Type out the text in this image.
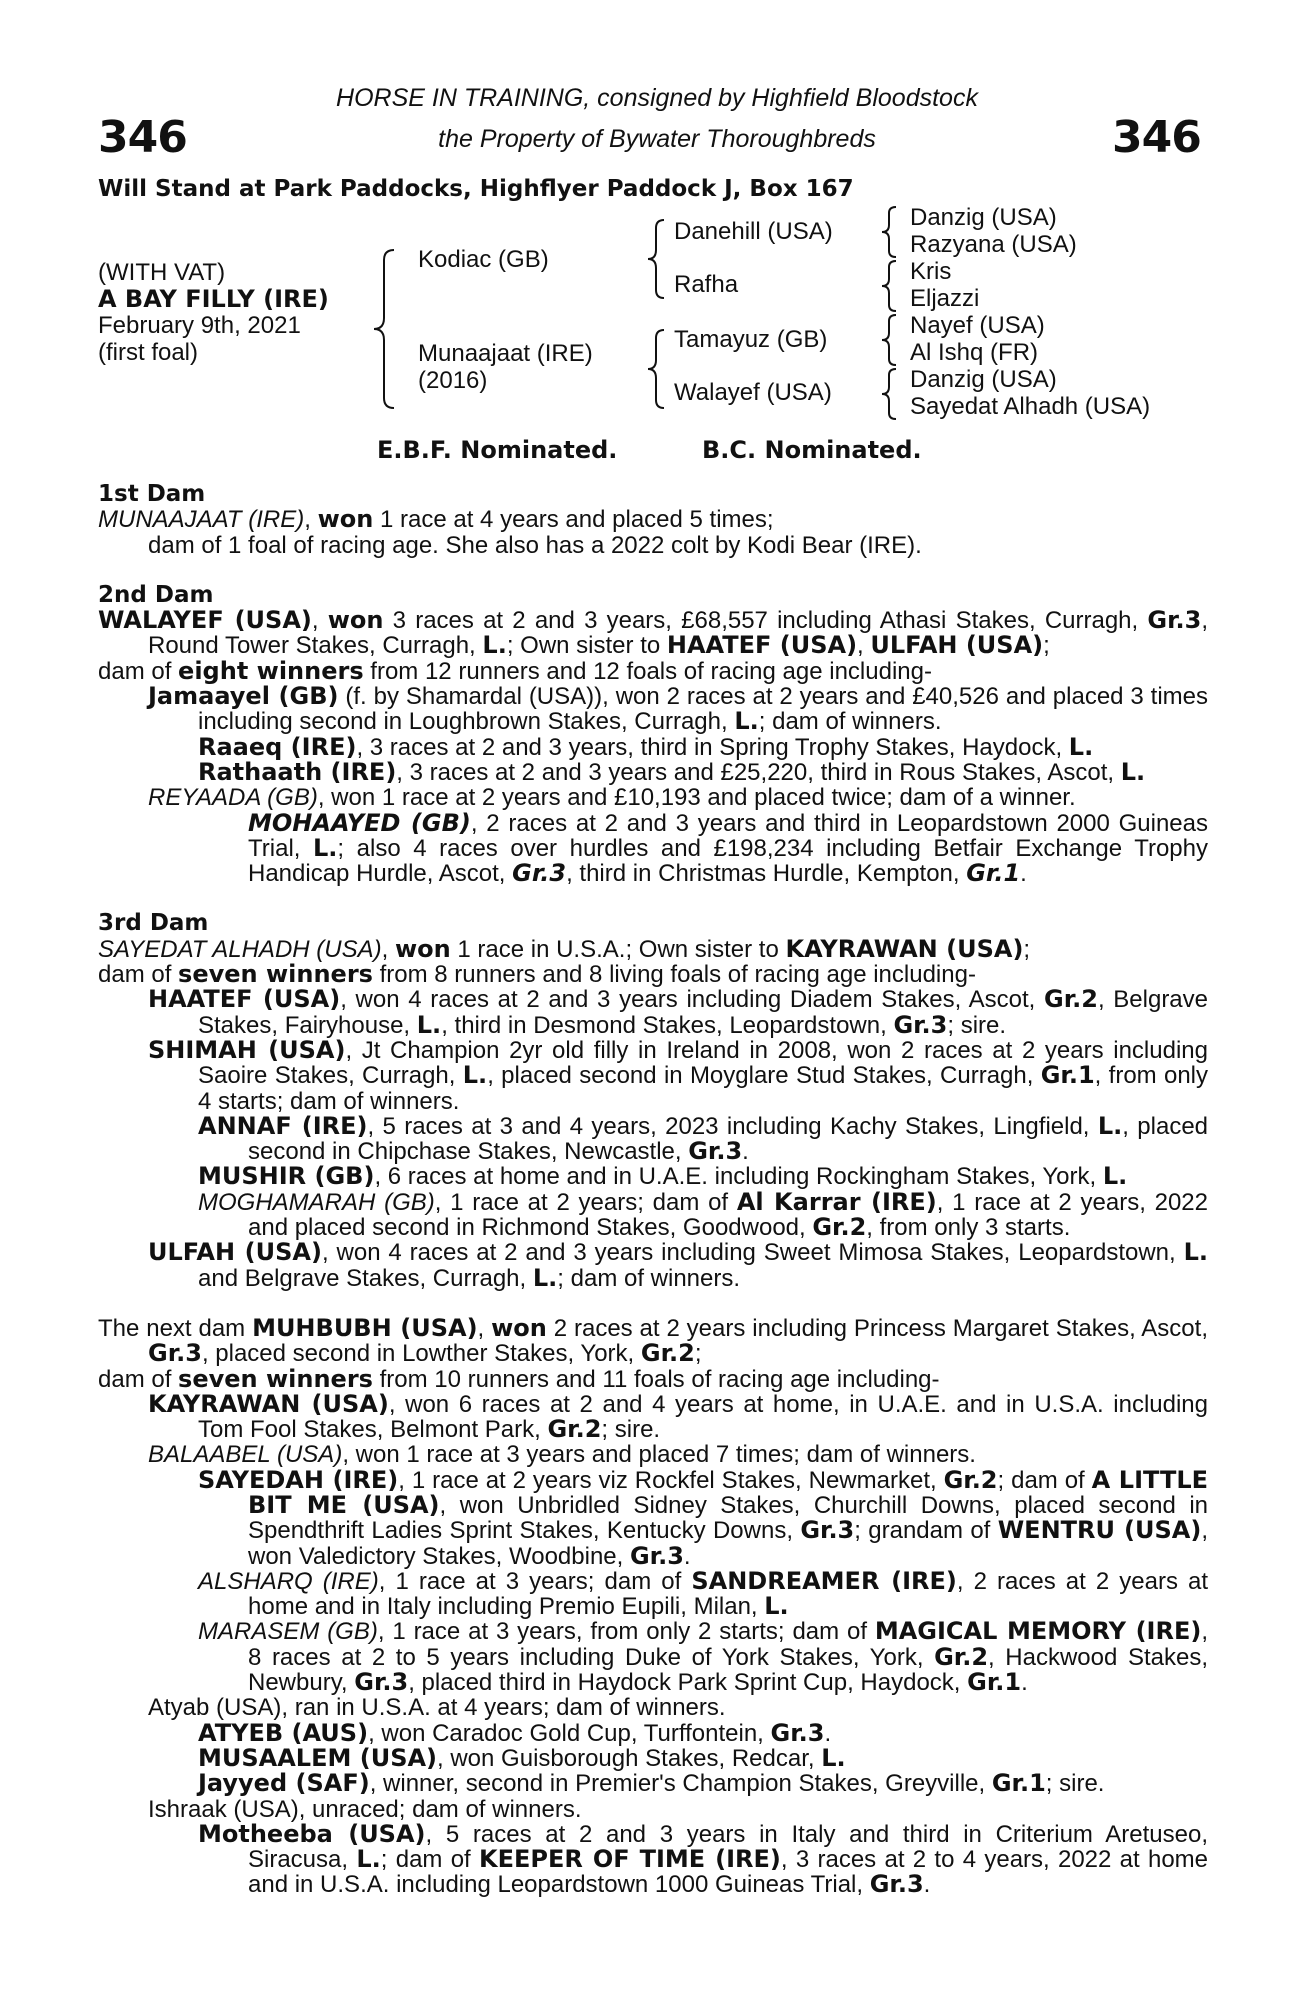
346	346
HORSE IN TRAINING, consigned by Highfield Bloodstock
the Property of Bywater Thoroughbreds
Will Stand at Park Paddocks, Highflyer Paddock J, Box 167
(WITH VAT)
A BAY FILLY (IRE)
February 9th, 2021
(first foal)
Kodiac (GB)
Munaajaat (IRE)
(2016)
Danehill (USA)
Rafha
Tamayuz (GB)
Walayef (USA)
Danzig (USA)
Razyana (USA)
Kris
Eljazzi
Nayef (USA)
Al Ishq (FR)
Danzig (USA)
Sayedat Alhadh (USA)
E.B.F. Nominated.	B.C. Nominated.
1st Dam

MUNAAJAAT (IRE), won 1 race at 4 years and placed 5 times;
dam of 1 foal of racing age. She also has a 2022 colt by Kodi Bear (IRE).

2nd Dam

WALAYEF (USA), won 3 races at 2 and 3 years, £68,557 including Athasi Stakes, Curragh, Gr.3, Round Tower Stakes, Curragh, L.; Own sister to HAATEF (USA), ULFAH (USA);

dam of eight winners from 12 runners and 12 foals of racing age including-

Jamaayel (GB) (f. by Shamardal (USA)), won 2 races at 2 years and £40,526 and placed 3 times including second in Loughbrown Stakes, Curragh, L.; dam of winners.

Raaeq (IRE), 3 races at 2 and 3 years, third in Spring Trophy Stakes, Haydock, L.

Rathaath (IRE), 3 races at 2 and 3 years and £25,220, third in Rous Stakes, Ascot, L.

REYAADA (GB), won 1 race at 2 years and £10,193 and placed twice; dam of a winner.

MOHAAYED (GB), 2 races at 2 and 3 years and third in Leopardstown 2000 Guineas Trial, L.; also 4 races over hurdles and £198,234 including Betfair Exchange Trophy Handicap Hurdle, Ascot, Gr.3, third in Christmas Hurdle, Kempton, Gr.1.

3rd Dam

SAYEDAT ALHADH (USA), won 1 race in U.S.A.; Own sister to KAYRAWAN (USA);

dam of seven winners from 8 runners and 8 living foals of racing age including-

HAATEF (USA), won 4 races at 2 and 3 years including Diadem Stakes, Ascot, Gr.2, Belgrave Stakes, Fairyhouse, L., third in Desmond Stakes, Leopardstown, Gr.3; sire.

SHIMAH (USA), Jt Champion 2yr old filly in Ireland in 2008, won 2 races at 2 years including Saoire Stakes, Curragh, L., placed second in Moyglare Stud Stakes, Curragh, Gr.1, from only 4 starts; dam of winners.

ANNAF (IRE), 5 races at 3 and 4 years, 2023 including Kachy Stakes, Lingfield, L., placed second in Chipchase Stakes, Newcastle, Gr.3.

MUSHIR (GB), 6 races at home and in U.A.E. including Rockingham Stakes, York, L.

MOGHAMARAH (GB), 1 race at 2 years; dam of Al Karrar (IRE), 1 race at 2 years, 2022 and placed second in Richmond Stakes, Goodwood, Gr.2, from only 3 starts.

ULFAH (USA), won 4 races at 2 and 3 years including Sweet Mimosa Stakes, Leopardstown, L. and Belgrave Stakes, Curragh, L.; dam of winners.

The next dam MUHBUBH (USA), won 2 races at 2 years including Princess Margaret Stakes, Ascot, Gr.3, placed second in Lowther Stakes, York, Gr.2;

dam of seven winners from 10 runners and 11 foals of racing age including-

KAYRAWAN (USA), won 6 races at 2 and 4 years at home, in U.A.E. and in U.S.A. including Tom Fool Stakes, Belmont Park, Gr.2; sire.

BALAABEL (USA), won 1 race at 3 years and placed 7 times; dam of winners.

SAYEDAH (IRE), 1 race at 2 years viz Rockfel Stakes, Newmarket, Gr.2; dam of A LITTLE BIT ME (USA), won Unbridled Sidney Stakes, Churchill Downs, placed second in Spendthrift Ladies Sprint Stakes, Kentucky Downs, Gr.3; grandam of WENTRU (USA), won Valedictory Stakes, Woodbine, Gr.3.

ALSHARQ (IRE), 1 race at 3 years; dam of SANDREAMER (IRE), 2 races at 2 years at home and in Italy including Premio Eupili, Milan, L.

MARASEM (GB), 1 race at 3 years, from only 2 starts; dam of MAGICAL MEMORY (IRE), 8 races at 2 to 5 years including Duke of York Stakes, York, Gr.2, Hackwood Stakes, Newbury, Gr.3, placed third in Haydock Park Sprint Cup, Haydock, Gr.1.

Atyab (USA), ran in U.S.A. at 4 years; dam of winners.

ATYEB (AUS), won Caradoc Gold Cup, Turffontein, Gr.3.

MUSAALEM (USA), won Guisborough Stakes, Redcar, L.

Jayyed (SAF), winner, second in Premier's Champion Stakes, Greyville, Gr.1; sire.

Ishraak (USA), unraced; dam of winners.

Motheeba (USA), 5 races at 2 and 3 years in Italy and third in Criterium Aretuseo, Siracusa, L.; dam of KEEPER OF TIME (IRE), 3 races at 2 to 4 years, 2022 at home and in U.S.A. including Leopardstown 1000 Guineas Trial, Gr.3.
